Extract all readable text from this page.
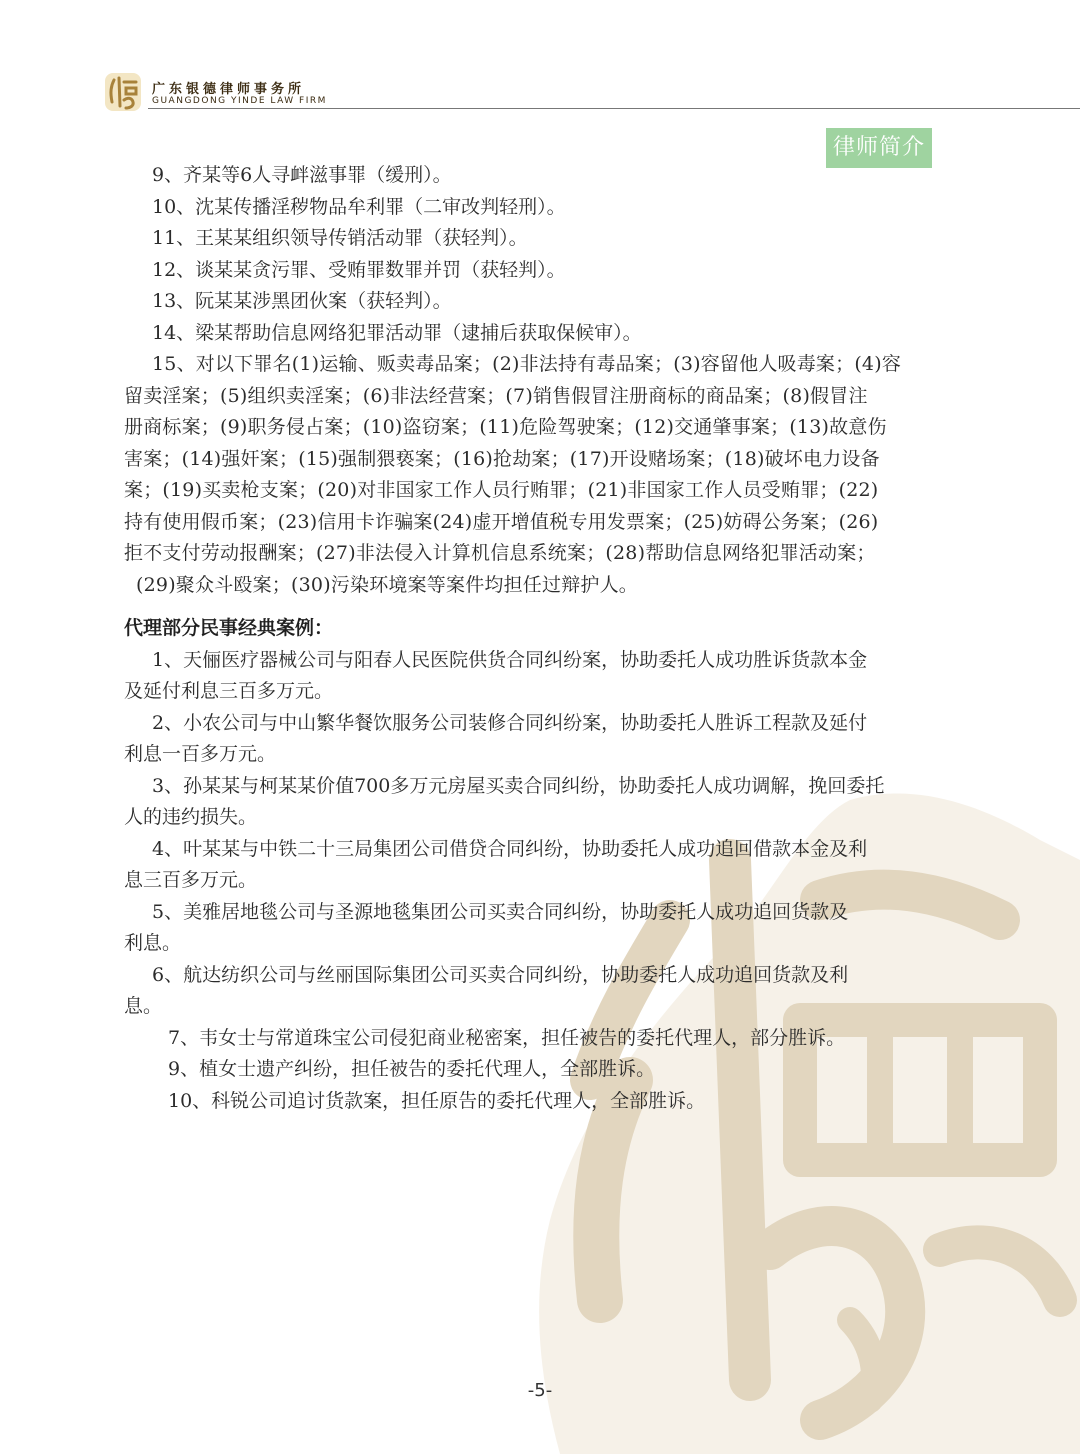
广东银德律师事务所
GUANGDONG YINDE LAW FIRM
律师简介
9、齐某等6人寻衅滋事罪（缓刑）。
10、沈某传播淫秽物品牟利罪（二审改判轻刑）。
11、王某某组织领导传销活动罪（获轻判）。
12、谈某某贪污罪、受贿罪数罪并罚（获轻判）。
13、阮某某涉黑团伙案（获轻判）。
14、梁某帮助信息网络犯罪活动罪（逮捕后获取保候审）。
15、对以下罪名(1)运输、贩卖毒品案；(2)非法持有毒品案；(3)容留他人吸毒案；(4)容
留卖淫案；(5)组织卖淫案；(6)非法经营案；(7)销售假冒注册商标的商品案；(8)假冒注
册商标案；(9)职务侵占案；(10)盗窃案；(11)危险驾驶案；(12)交通肇事案；(13)故意伤
害案；(14)强奸案；(15)强制猥亵案；(16)抢劫案；(17)开设赌场案；(18)破坏电力设备
案；(19)买卖枪支案；(20)对非国家工作人员行贿罪；(21)非国家工作人员受贿罪；(22)
持有使用假币案；(23)信用卡诈骗案(24)虚开增值税专用发票案；(25)妨碍公务案；(26)
拒不支付劳动报酬案；(27)非法侵入计算机信息系统案；(28)帮助信息网络犯罪活动案；
(29)聚众斗殴案；(30)污染环境案等案件均担任过辩护人。
代理部分民事经典案例：
1、天俪医疗器械公司与阳春人民医院供货合同纠纷案，协助委托人成功胜诉货款本金
及延付利息三百多万元。
2、小农公司与中山繁华餐饮服务公司装修合同纠纷案，协助委托人胜诉工程款及延付
利息一百多万元。
3、孙某某与柯某某价值700多万元房屋买卖合同纠纷，协助委托人成功调解，挽回委托
人的违约损失。
4、叶某某与中铁二十三局集团公司借贷合同纠纷，协助委托人成功追回借款本金及利
息三百多万元。
5、美雅居地毯公司与圣源地毯集团公司买卖合同纠纷，协助委托人成功追回货款及
利息。
6、航达纺织公司与丝丽国际集团公司买卖合同纠纷，协助委托人成功追回货款及利
息。
7、韦女士与常道珠宝公司侵犯商业秘密案，担任被告的委托代理人，部分胜诉。
9、植女士遗产纠纷，担任被告的委托代理人，全部胜诉。
10、科锐公司追讨货款案，担任原告的委托代理人，全部胜诉。
-5-
